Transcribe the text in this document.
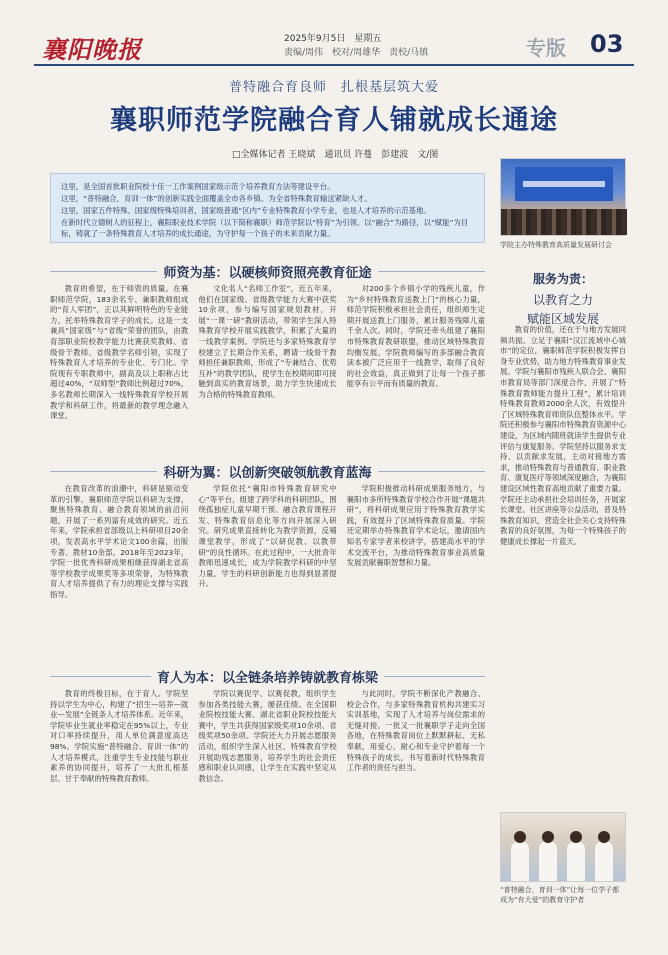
襄阳晚报	2025年9月5日　星期五
责编/周伟　校对/周雄华　责校/马镇	专版 03
普特融合育良师　扎根基层筑大爱
襄职师范学院融合育人铺就成长通途
□全媒体记者 王晓斌　通讯员 许蔓　彭建波　文/图

这里，是全国首批职业院校十佳一工作案例国家级示范个培养教育方法等建设平台。

这里，“普特融合，育训一体”的创新实践全面覆盖全市各乡镇、为全省特殊教育输送紧缺人才。

这里，国家五件特殊、国家级特殊培训者，国家级普通“区内”专业特殊教育小学专业，也是人才培养的示范基地。

在新时代立德树人的征程上，襄阳职业技术学院（以下简称襄职）师范学院以“特育”为引领、以“融合”为路径，以“赋能”为目标，铸就了一条特殊教育人才培养的成长通途，为守护每一个孩子的未来贡献力量。

学院主办特殊教育高质量发展研讨会
师资为基：以硬核师资照亮教育征途

教育的希望，在于师资的质量。在襄职师范学院，183余名专、兼职教师组成的“育人军团”，正以其鲜明特色的专业能力，托举特殊教育学子的成长。这是一支兼具“国家级”与“省级”荣誉的团队，由教育部职业院校教学能力比赛获奖教师、省级骨干教师、省级教学名师引领，实现了特殊教育人才培养的专业化、专门化。学院现有专职教师中，副高及以上职称占比超过40%，“双师型”教师比例超过70%，多名教师长期深入一线特殊教育学校开展教学和科研工作，将最新的教学理念融入课堂。

文化名人“名师工作室”，近五年来，他们在国家级、省级教学能力大赛中获奖10余项，参与编写国家规划教材，开展“一课一研”教研活动，带领学生深入特殊教育学校开展实践教学，积累了大量的一线教学案例。学院还与多家特殊教育学校建立了长期合作关系，聘请一线骨干教师担任兼职教师，形成了“专兼结合、优势互补”的教学团队，使学生在校期间即可接触到真实的教育场景，助力学生快速成长为合格的特殊教育教师。

对200多个乡镇小学的残疾儿童，作为“乡村特殊教育送教上门”的核心力量，师范学院积极承担社会责任，组织师生定期开展送教上门服务，累计服务残障儿童千余人次。同时，学院还牵头组建了襄阳市特殊教育教研联盟，推动区域特殊教育均衡发展。学院教师编写的多部融合教育读本被广泛应用于一线教学，取得了良好的社会效益，真正做到了让每一个孩子都能享有公平而有质量的教育。

科研为翼：以创新突破领航教育蓝海

在教育改革的浪潮中，科研是驱动变革的引擎。襄职师范学院以科研为支撑，聚焦特殊教育、融合教育领域的前沿问题，开展了一系列富有成效的研究。近五年来，学院承担省部级以上科研项目20余项，发表高水平学术论文100余篇，出版专著、教材10余部。2018年至2023年，学院一批优秀科研成果相继获得湖北省高等学校教学成果奖等多项荣誉，为特殊教育人才培养提供了有力的理论支撑与实践指导。

学院依托“襄阳市特殊教育研究中心”等平台，组建了跨学科的科研团队，围绕孤独症儿童早期干预、融合教育课程开发、特殊教育信息化等方向开展深入研究。研究成果直接转化为教学资源，反哺课堂教学，形成了“以研促教、以教带研”的良性循环。在此过程中，一大批青年教师迅速成长，成为学院教学科研的中坚力量，学生的科研创新能力也得到显著提升。

学院积极推动科研成果服务地方，与襄阳市多所特殊教育学校合作开展“课题共研”，将科研成果应用于特殊教育教学实践，有效提升了区域特殊教育质量。学院还定期举办特殊教育学术论坛，邀请国内知名专家学者来校讲学，搭建高水平的学术交流平台，为推动特殊教育事业高质量发展贡献襄职智慧和力量。

育人为本：以全链条培养铸就教育栋梁

教育的终极目标，在于育人。学院坚持以学生为中心，构建了“招生—培养—就业—发展”全链条人才培养体系。近年来，学院毕业生就业率稳定在95%以上，专业对口率持续提升，用人单位满意度高达98%。学院实施“普特融合、育训一体”的人才培养模式，注重学生专业技能与职业素养的协同提升，培养了一大批扎根基层、甘于奉献的特殊教育教师。

学院以赛促学、以赛促教，组织学生参加各类技能大赛，屡获佳绩。在全国职业院校技能大赛、湖北省职业院校技能大赛中，学生共获得国家级奖项10余项、省级奖项50余项。学院还大力开展志愿服务活动，组织学生深入社区、特殊教育学校开展助残志愿服务，培养学生的社会责任感和职业认同感，让学生在实践中坚定从教信念。

与此同时，学院不断深化产教融合、校企合作，与多家特殊教育机构共建实习实训基地，实现了人才培养与岗位需求的无缝对接。一批又一批襄职学子走向全国各地，在特殊教育岗位上默默耕耘、无私奉献，用爱心、耐心和专业守护着每一个特殊孩子的成长，书写着新时代特殊教育工作者的责任与担当。

服务为责：
以教育之力
赋能区域发展

教育的价值，还在于与地方发展同频共振。立足于襄阳“汉江流域中心城市”的定位，襄职师范学院积极发挥自身专业优势，助力地方特殊教育事业发展。学院与襄阳市残疾人联合会、襄阳市教育局等部门深度合作，开展了“特殊教育教师能力提升工程”，累计培训特殊教育教师2000余人次，有效提升了区域特殊教育师资队伍整体水平。学院还积极参与襄阳市特殊教育资源中心建设，为区域内随班就读学生提供专业评估与康复服务。学院坚持以服务求支持、以贡献求发展，主动对接地方需求，推动特殊教育与普通教育、职业教育、康复医疗等领域深度融合，为襄阳建设区域性教育高地贡献了重要力量。学院还主动承担社会培训任务，开展家长课堂、社区讲座等公益活动，普及特殊教育知识，营造全社会关心支持特殊教育的良好氛围，为每一个特殊孩子的健康成长撑起一片蓝天。

“普特融合，育训一体”让每一位学子都成为“有大爱”的教育守护者
